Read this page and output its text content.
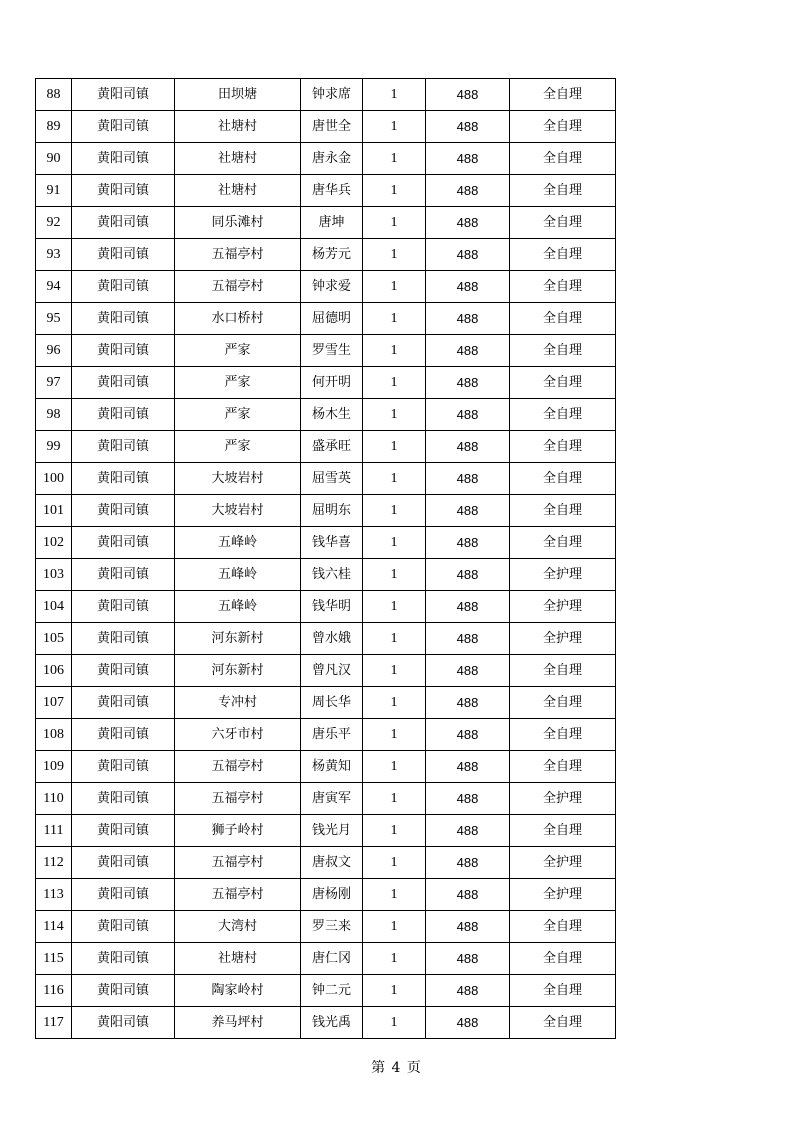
88	黄阳司镇	田坝塘	钟求席	1	488	全自理
89	黄阳司镇	社塘村	唐世全	1	488	全自理
90	黄阳司镇	社塘村	唐永金	1	488	全自理
91	黄阳司镇	社塘村	唐华兵	1	488	全自理
92	黄阳司镇	同乐滩村	唐坤	1	488	全自理
93	黄阳司镇	五福亭村	杨芳元	1	488	全自理
94	黄阳司镇	五福亭村	钟求爱	1	488	全自理
95	黄阳司镇	水口桥村	屈德明	1	488	全自理
96	黄阳司镇	严家	罗雪生	1	488	全自理
97	黄阳司镇	严家	何开明	1	488	全自理
98	黄阳司镇	严家	杨木生	1	488	全自理
99	黄阳司镇	严家	盛承旺	1	488	全自理
100	黄阳司镇	大坡岩村	屈雪英	1	488	全自理
101	黄阳司镇	大坡岩村	屈明东	1	488	全自理
102	黄阳司镇	五峰岭	钱华喜	1	488	全自理
103	黄阳司镇	五峰岭	钱六桂	1	488	全护理
104	黄阳司镇	五峰岭	钱华明	1	488	全护理
105	黄阳司镇	河东新村	曾水娥	1	488	全护理
106	黄阳司镇	河东新村	曾凡汉	1	488	全自理
107	黄阳司镇	专冲村	周长华	1	488	全自理
108	黄阳司镇	六牙市村	唐乐平	1	488	全自理
109	黄阳司镇	五福亭村	杨黄知	1	488	全自理
110	黄阳司镇	五福亭村	唐寅军	1	488	全护理
111	黄阳司镇	狮子岭村	钱光月	1	488	全自理
112	黄阳司镇	五福亭村	唐叔文	1	488	全护理
113	黄阳司镇	五福亭村	唐杨刚	1	488	全护理
114	黄阳司镇	大湾村	罗三来	1	488	全自理
115	黄阳司镇	社塘村	唐仁冈	1	488	全自理
116	黄阳司镇	陶家岭村	钟二元	1	488	全自理
117	黄阳司镇	养马坪村	钱光禹	1	488	全自理
第 4 页
